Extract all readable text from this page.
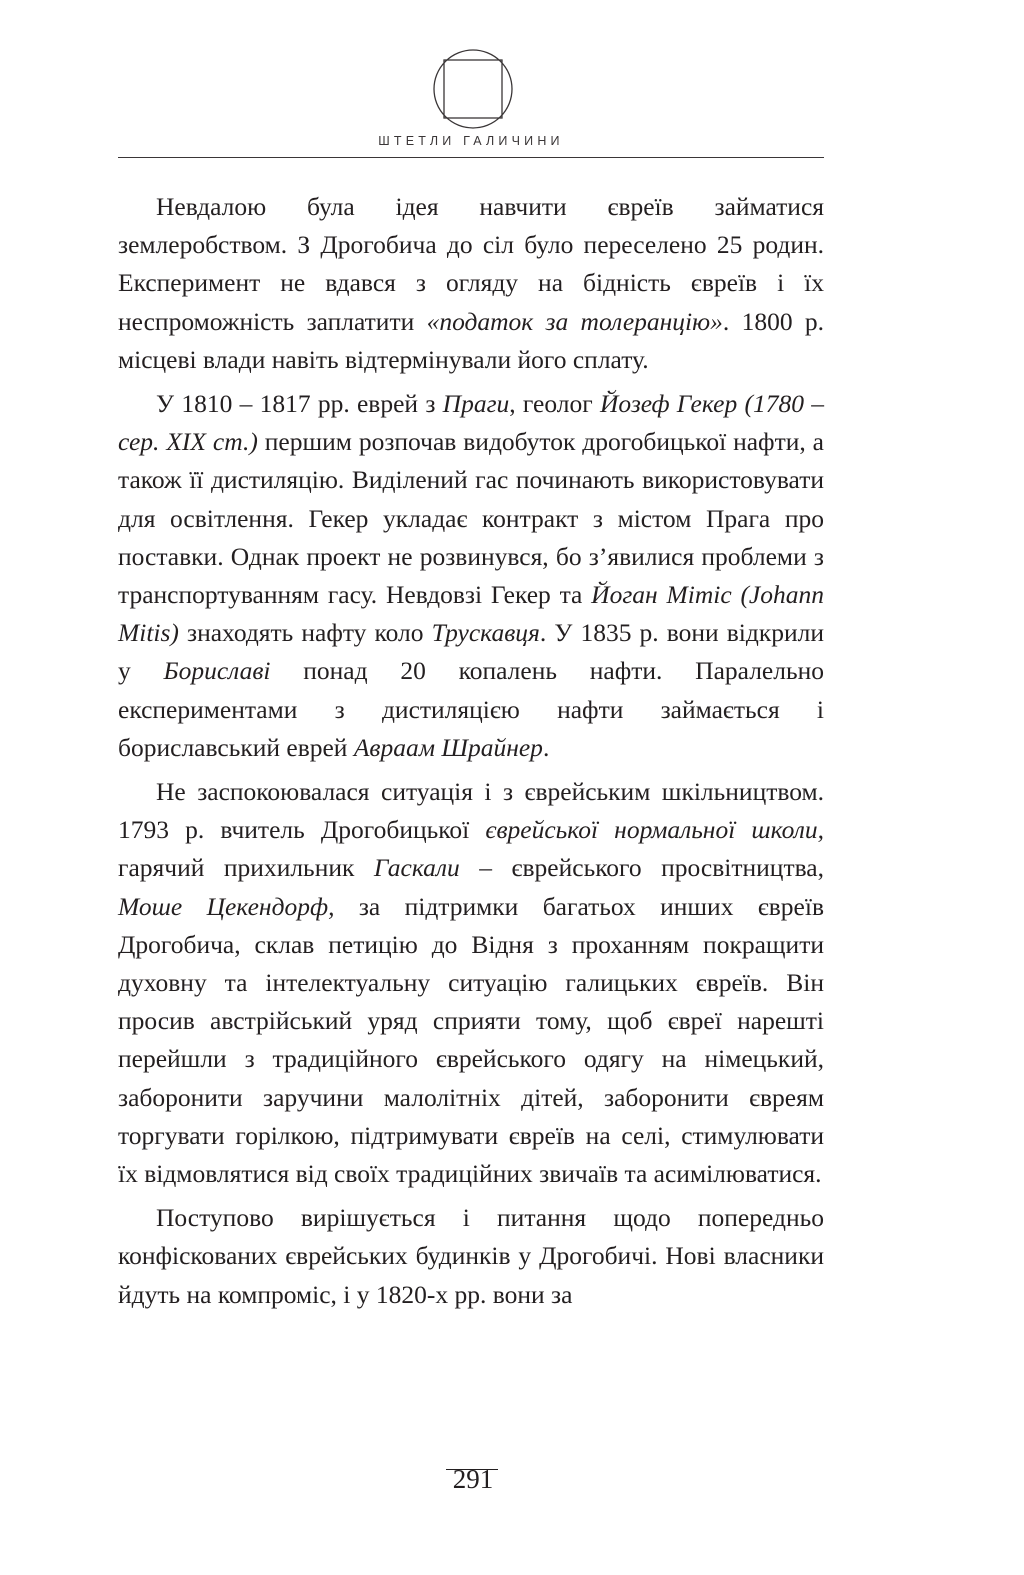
ШТЕТЛИ ГАЛИЧИНИ

Невдалою була ідея навчити євреїв займатися землеробством. З Дрогобича до сіл було переселено 25 родин. Експеримент не вдався з огляду на бідність євреїв і їх неспроможність заплатити «податок за толеранцію». 1800 р. місцеві влади навіть відтермінували його сплату.

У 1810 – 1817 рр. еврей з Праги, геолог Йозеф Гекер (1780 – сер. XIX ст.) першим розпочав видобуток дрогобицької нафти, а також її дистиляцію. Виділений гас починають використовувати для освітлення. Гекер укладає контракт з містом Прага про поставки. Однак проект не розвинувся, бо з’явилися проблеми з транспортуванням гасу. Невдовзі Гекер та Йоган Мітіс (Johann Mitis) знаходять нафту коло Трускавця. У 1835 р. вони відкрили у Бориславі понад 20 копалень нафти. Паралельно експериментами з дистиляцією нафти займається і бориславський еврей Авраам Шрайнер.

Не заспокоювалася ситуація і з єврейським шкільництвом. 1793 р. вчитель Дрогобицької єврейської нормальної школи, гарячий прихильник Гаскали – єврейського просвітництва, Моше Цекендорф, за підтримки багатьох инших євреїв Дрогобича, склав петицію до Відня з проханням покращити духовну та інтелектуальну ситуацію галицьких євреїв. Він просив австрійський уряд сприяти тому, щоб євреї нарешті перейшли з традиційного єврейського одягу на німецький, заборонити заручини малолітніх дітей, заборонити євреям торгувати горілкою, підтримувати євреїв на селі, стимулювати їх відмовлятися від своїх традиційних звичаїв та асимілюватися.

Поступово вирішується і питання щодо попередньо конфіскованих єврейських будинків у Дрогобичі. Нові власники йдуть на компроміс, і у 1820-х рр. вони за

291
